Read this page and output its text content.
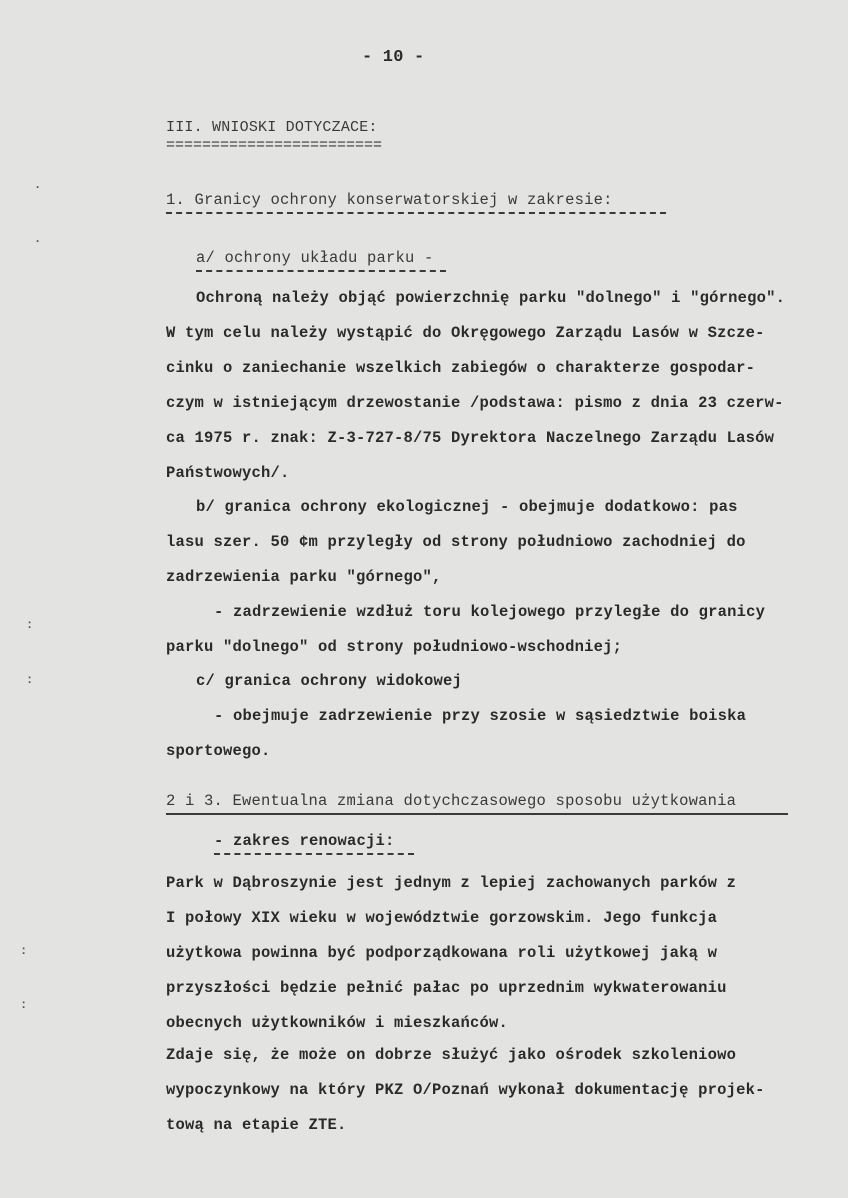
.
.
:
:
:
:
- 10 -
III. WNIOSKI DOTYCZACE:
========================
1. Granicy ochrony konserwatorskiej w zakresie:
a/ ochrony układu parku -
Ochroną należy objąć powierzchnię parku "dolnego" i "górnego".
W tym celu należy wystąpić do Okręgowego Zarządu Lasów w Szcze-
cinku o zaniechanie wszelkich zabiegów o charakterze gospodar-
czym w istniejącym drzewostanie /podstawa: pismo z dnia 23 czerw-
ca 1975 r. znak: Z-3-727-8/75 Dyrektora Naczelnego Zarządu Lasów
Państwowych/.
b/ granica ochrony ekologicznej - obejmuje dodatkowo: pas
lasu szer. 50 ¢m przyległy od strony południowo zachodniej do
zadrzewienia parku "górnego",
- zadrzewienie wzdłuż toru kolejowego przyległe do granicy
parku "dolnego" od strony południowo-wschodniej;
c/ granica ochrony widokowej
- obejmuje zadrzewienie przy szosie w sąsiedztwie boiska
sportowego.
2 i 3. Ewentualna zmiana dotychczasowego sposobu użytkowania
- zakres renowacji:
Park w Dąbroszynie jest jednym z lepiej zachowanych parków z
I połowy XIX wieku w województwie gorzowskim. Jego funkcja
użytkowa powinna być podporządkowana roli użytkowej jaką w
przyszłości będzie pełnić pałac po uprzednim wykwaterowaniu
obecnych użytkowników i mieszkańców.
Zdaje się, że może on dobrze służyć jako ośrodek szkoleniowo
wypoczynkowy na który PKZ O/Poznań wykonał dokumentację projek-
tową na etapie ZTE.
